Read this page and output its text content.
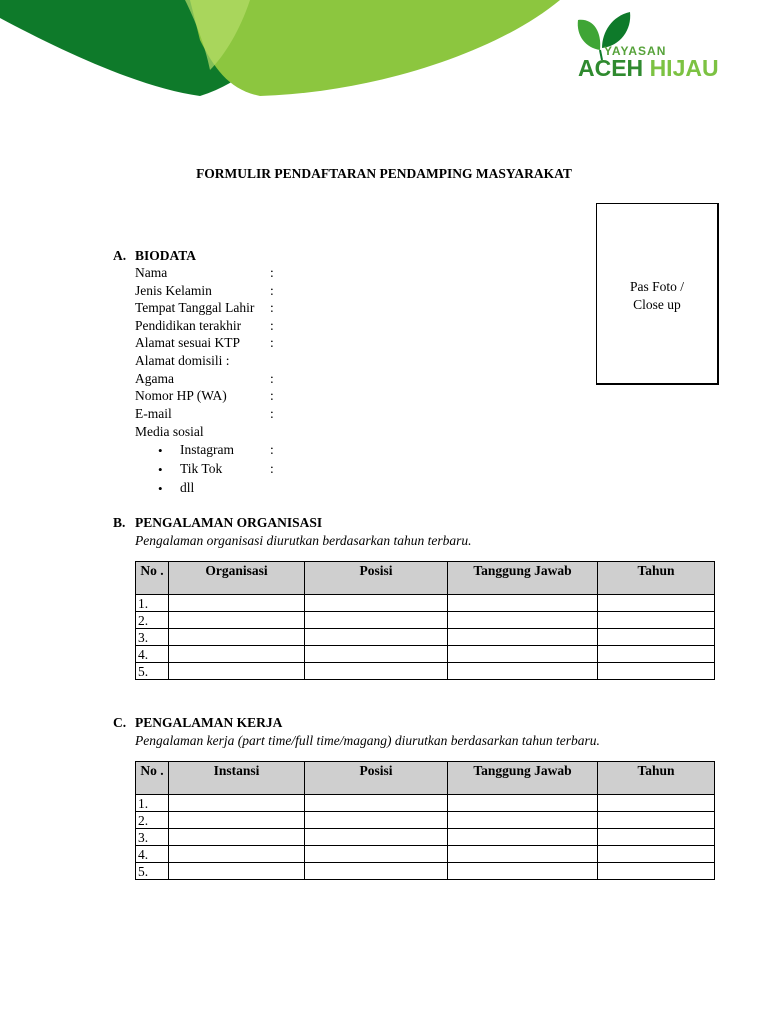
YAYASAN
ACEH HIJAU
FORMULIR PENDAFTARAN PENDAMPING MASYARAKAT
Pas Foto /
Close up
A. BIODATA
Nama	:
Jenis Kelamin	:
Tempat Tanggal Lahir :
Pendidikan terakhir :
Alamat sesuai KTP :
Alamat domisili :
Agama	:
Nomor HP (WA)	:
E-mail	:
Media sosial
• Instagram	:
• Tik Tok	:
• dll
B. PENGALAMAN ORGANISASI
Pengalaman organisasi diurutkan berdasarkan tahun terbaru.
No .	Organisasi	Posisi	Tanggung Jawab	Tahun
1.				
2.				
3.				
4.				
5.				
C. PENGALAMAN KERJA
Pengalaman kerja (part time/full time/magang) diurutkan berdasarkan tahun terbaru.
No .	Instansi	Posisi	Tanggung Jawab	Tahun
1.				
2.				
3.				
4.				
5.				
